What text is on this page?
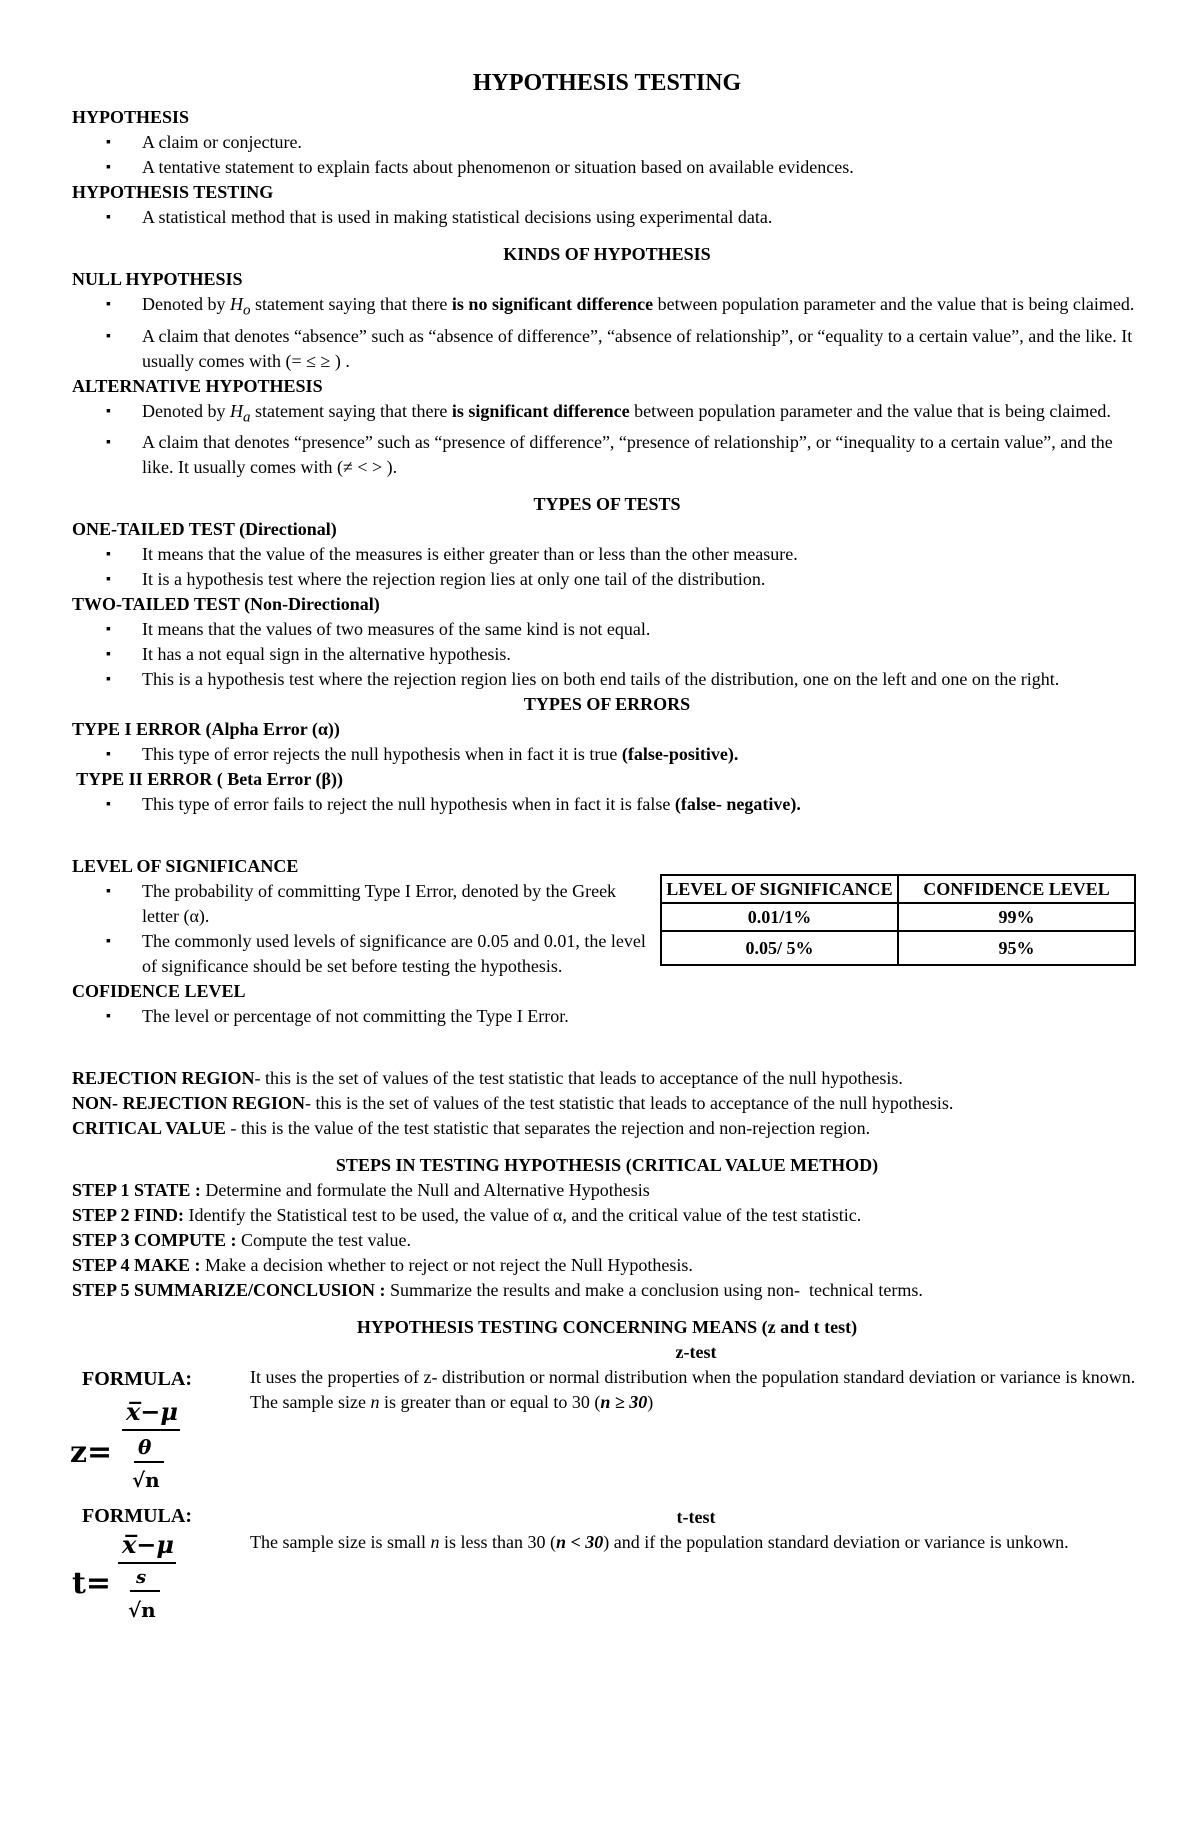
HYPOTHESIS TESTING
HYPOTHESIS
▪ A claim or conjecture.
▪ A tentative statement to explain facts about phenomenon or situation based on available evidences.
HYPOTHESIS TESTING
▪ A statistical method that is used in making statistical decisions using experimental data.
KINDS OF HYPOTHESIS
NULL HYPOTHESIS
▪ Denoted by $H_o$ statement saying that there is no significant difference between population parameter and the value that is being claimed.
▪ A claim that denotes “absence” such as “absence of difference”, “absence of relationship”, or “equality to a certain value”, and the like. It usually comes with (= ≤ ≥ ) .
ALTERNATIVE HYPOTHESIS
▪ Denoted by $H_a$ statement saying that there is significant difference between population parameter and the value that is being claimed.
▪ A claim that denotes “presence” such as “presence of difference”, “presence of relationship”, or “inequality to a certain value”, and the like. It usually comes with (≠ < > ).
TYPES OF TESTS
ONE-TAILED TEST (Directional)
▪ It means that the value of the measures is either greater than or less than the other measure.
▪ It is a hypothesis test where the rejection region lies at only one tail of the distribution.
TWO-TAILED TEST (Non-Directional)
▪ It means that the values of two measures of the same kind is not equal.
▪ It has a not equal sign in the alternative hypothesis.
▪ This is a hypothesis test where the rejection region lies on both end tails of the distribution, one on the left and one on the right.
TYPES OF ERRORS
TYPE I ERROR (Alpha Error (α))
▪ This type of error rejects the null hypothesis when in fact it is true (false-positive).
TYPE II ERROR ( Beta Error (β))
▪ This type of error fails to reject the null hypothesis when in fact it is false (false- negative).
LEVEL OF SIGNIFICANCE
▪ The probability of committing Type I Error, denoted by the Greek letter (α).
▪ The commonly used levels of significance are 0.05 and 0.01, the level of significance should be set before testing the hypothesis.
COFIDENCE LEVEL
▪ The level or percentage of not committing the Type I Error.
LEVEL OF SIGNIFICANCE	CONFIDENCE LEVEL
0.01/1%	99%
0.05/ 5%	95%
REJECTION REGION- this is the set of values of the test statistic that leads to acceptance of the null hypothesis.
NON- REJECTION REGION- this is the set of values of the test statistic that leads to acceptance of the null hypothesis.
CRITICAL VALUE - this is the value of the test statistic that separates the rejection and non-rejection region.
STEPS IN TESTING HYPOTHESIS (CRITICAL VALUE METHOD)
STEP 1 STATE : Determine and formulate the Null and Alternative Hypothesis
STEP 2 FIND: Identify the Statistical test to be used, the value of α, and the critical value of the test statistic.
STEP 3 COMPUTE : Compute the test value.
STEP 4 MAKE : Make a decision whether to reject or not reject the Null Hypothesis.
STEP 5 SUMMARIZE/CONCLUSION : Summarize the results and make a conclusion using non-  technical terms.
HYPOTHESIS TESTING CONCERNING MEANS (z and t test)
FORMULA:
z=
x̅−μ
θ
√n
z-test
It uses the properties of z- distribution or normal distribution when the population standard deviation or variance is known.
The sample size n is greater than or equal to 30 (n ≥ 30)
FORMULA:
t=
x̅−μ
s
√n
t-test
The sample size is small n is less than 30 (n < 30) and if the population standard deviation or variance is unkown.
